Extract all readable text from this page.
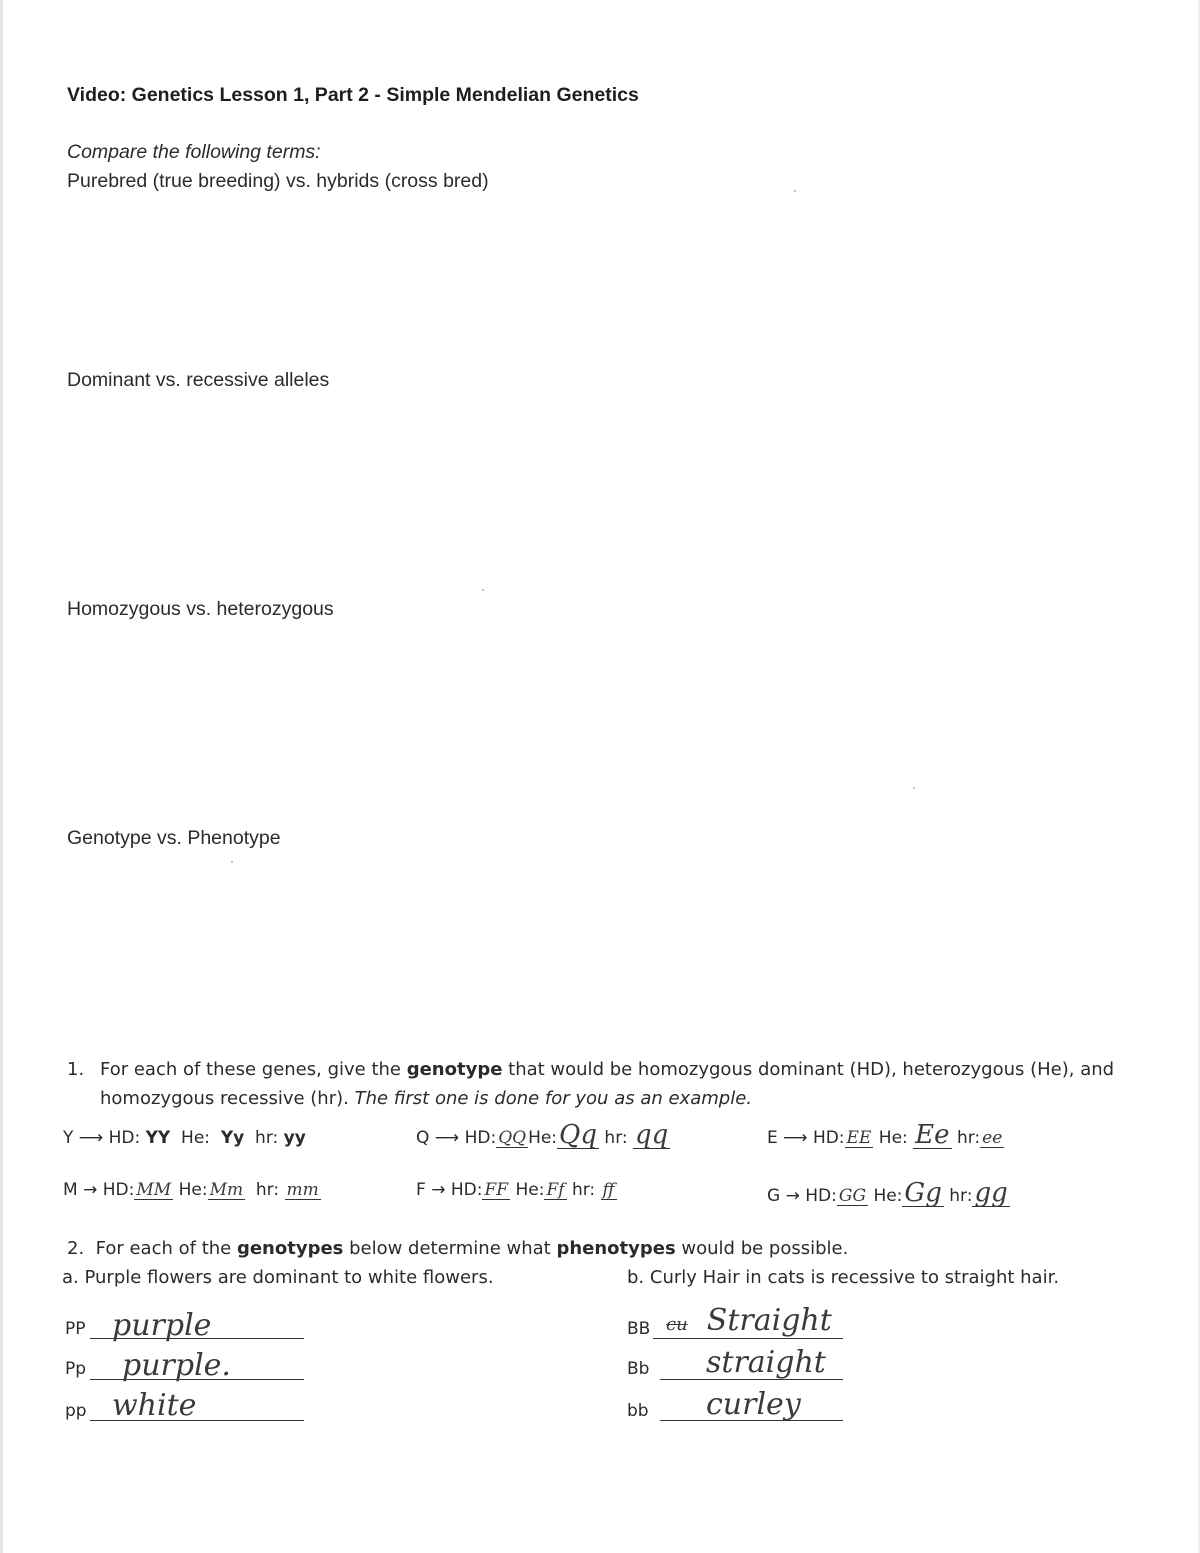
Video: Genetics Lesson 1, Part 2 - Simple Mendelian Genetics
Compare the following terms:
Purebred (true breeding) vs. hybrids (cross bred)
Dominant vs. recessive alleles
Homozygous vs. heterozygous
Genotype vs. Phenotype
1. For each of these genes, give the genotype that would be homozygous dominant (HD), heterozygous (He), and homozygous recessive (hr). The first one is done for you as an example.
Y ⟶ HD: YY He: Yy hr: yy	Q ⟶ HD: QQ He:Qq hr: qq	E ⟶ HD: EE He: Ee hr: ee
M → HD: MM He: Mm hr: mm	F → HD: FF He: Ff hr: ff	G → HD: GG He:Gg hr:gg
2. For each of the genotypes below determine what phenotypes would be possible.
a. Purple flowers are dominant to white flowers.	b. Curly Hair in cats is recessive to straight hair.
PP purple
Pp purple.
pp white
BB cu Straight
Bb straight
bb curley
